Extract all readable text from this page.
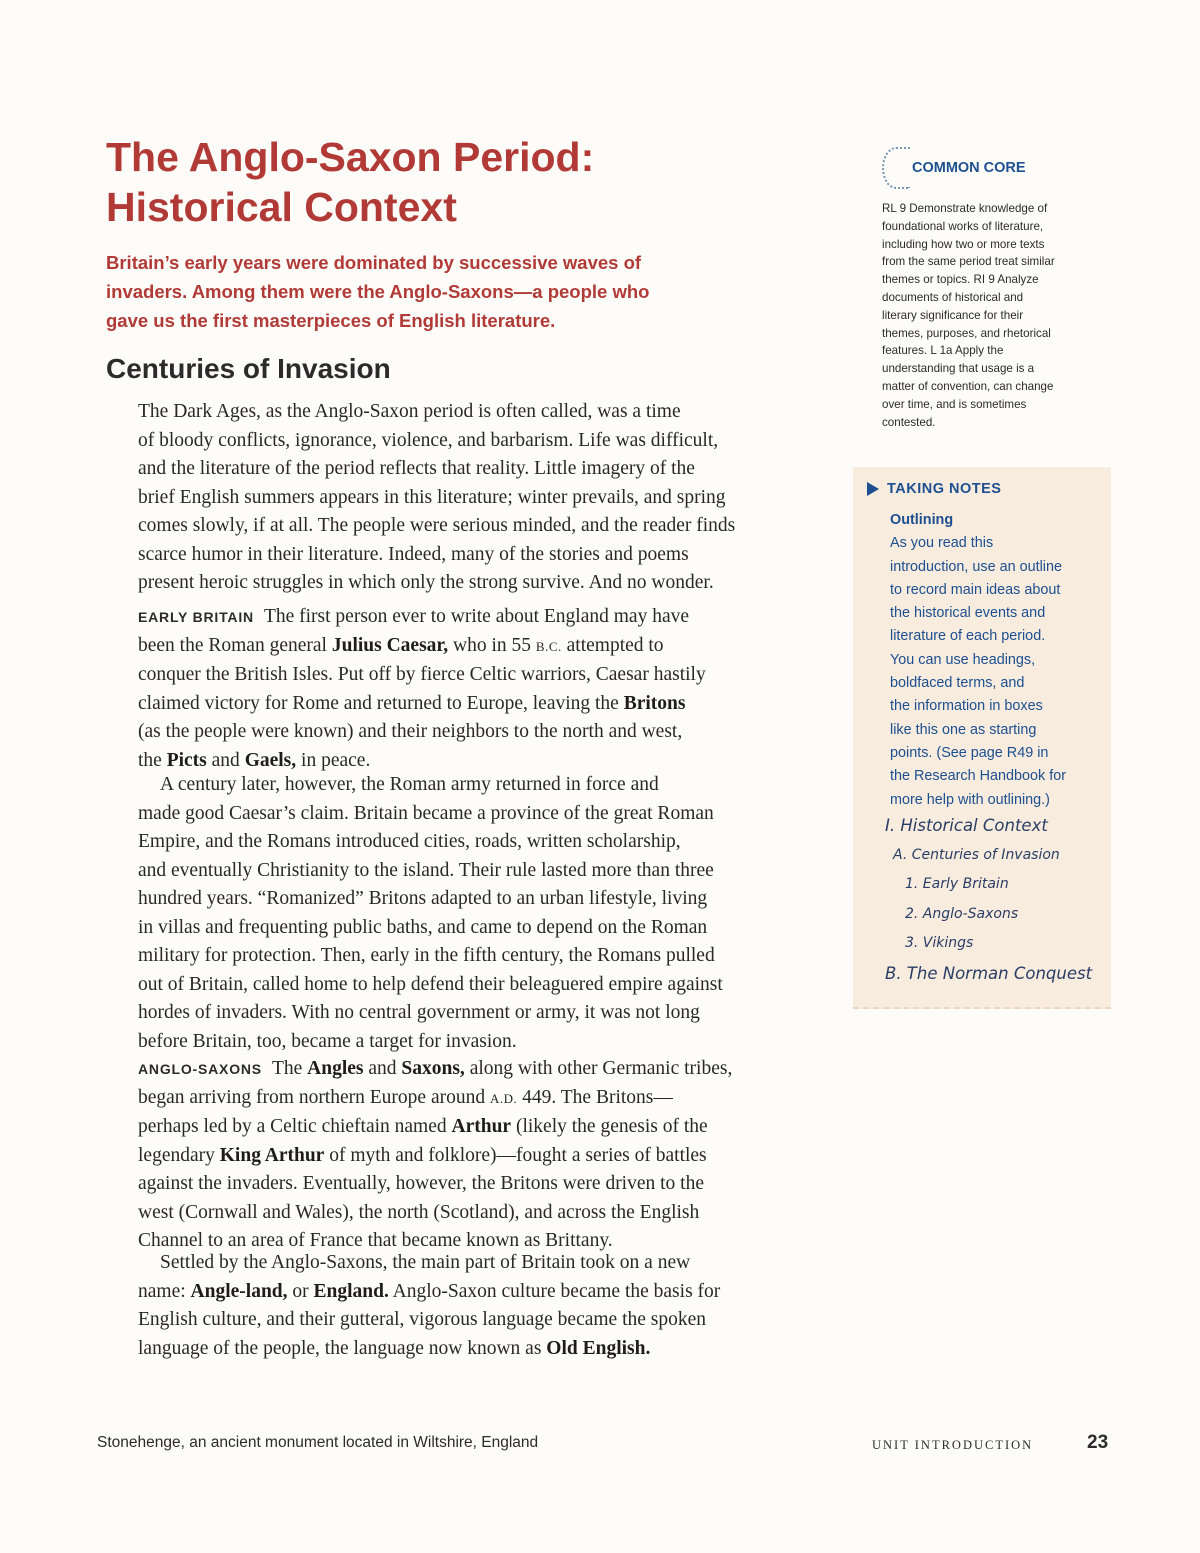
The Anglo-Saxon Period:
Historical Context
Britain’s early years were dominated by successive waves of
invaders. Among them were the Anglo-Saxons—a people who
gave us the first masterpieces of English literature.
Centuries of Invasion
The Dark Ages, as the Anglo-Saxon period is often called, was a time
of bloody conflicts, ignorance, violence, and barbarism. Life was difficult,
and the literature of the period reflects that reality. Little imagery of the
brief English summers appears in this literature; winter prevails, and spring
comes slowly, if at all. The people were serious minded, and the reader finds
scarce humor in their literature. Indeed, many of the stories and poems
present heroic struggles in which only the strong survive. And no wonder.
EARLY BRITAIN The first person ever to write about England may have
been the Roman general Julius Caesar, who in 55 B.C. attempted to
conquer the British Isles. Put off by fierce Celtic warriors, Caesar hastily
claimed victory for Rome and returned to Europe, leaving the Britons
(as the people were known) and their neighbors to the north and west,
the Picts and Gaels, in peace.
A century later, however, the Roman army returned in force and
made good Caesar’s claim. Britain became a province of the great Roman
Empire, and the Romans introduced cities, roads, written scholarship,
and eventually Christianity to the island. Their rule lasted more than three
hundred years. “Romanized” Britons adapted to an urban lifestyle, living
in villas and frequenting public baths, and came to depend on the Roman
military for protection. Then, early in the fifth century, the Romans pulled
out of Britain, called home to help defend their beleaguered empire against
hordes of invaders. With no central government or army, it was not long
before Britain, too, became a target for invasion.
ANGLO-SAXONS The Angles and Saxons, along with other Germanic tribes,
began arriving from northern Europe around A.D. 449. The Britons—
perhaps led by a Celtic chieftain named Arthur (likely the genesis of the
legendary King Arthur of myth and folklore)—fought a series of battles
against the invaders. Eventually, however, the Britons were driven to the
west (Cornwall and Wales), the north (Scotland), and across the English
Channel to an area of France that became known as Brittany.
Settled by the Anglo-Saxons, the main part of Britain took on a new
name: Angle-land, or England. Anglo-Saxon culture became the basis for
English culture, and their gutteral, vigorous language became the spoken
language of the people, the language now known as Old English.
COMMON CORE
RL 9 Demonstrate knowledge of
foundational works of literature,
including how two or more texts
from the same period treat similar
themes or topics. RI 9 Analyze
documents of historical and
literary significance for their
themes, purposes, and rhetorical
features. L 1a Apply the
understanding that usage is a
matter of convention, can change
over time, and is sometimes
contested.
TAKING NOTES
Outlining
As you read this
introduction, use an outline
to record main ideas about
the historical events and
literature of each period.
You can use headings,
boldfaced terms, and
the information in boxes
like this one as starting
points. (See page R49 in
the Research Handbook for
more help with outlining.)
I. Historical Context
A. Centuries of Invasion
1. Early Britain
2. Anglo-Saxons
3. Vikings
B. The Norman Conquest
Stonehenge, an ancient monument located in Wiltshire, England	UNIT INTRODUCTION	23
